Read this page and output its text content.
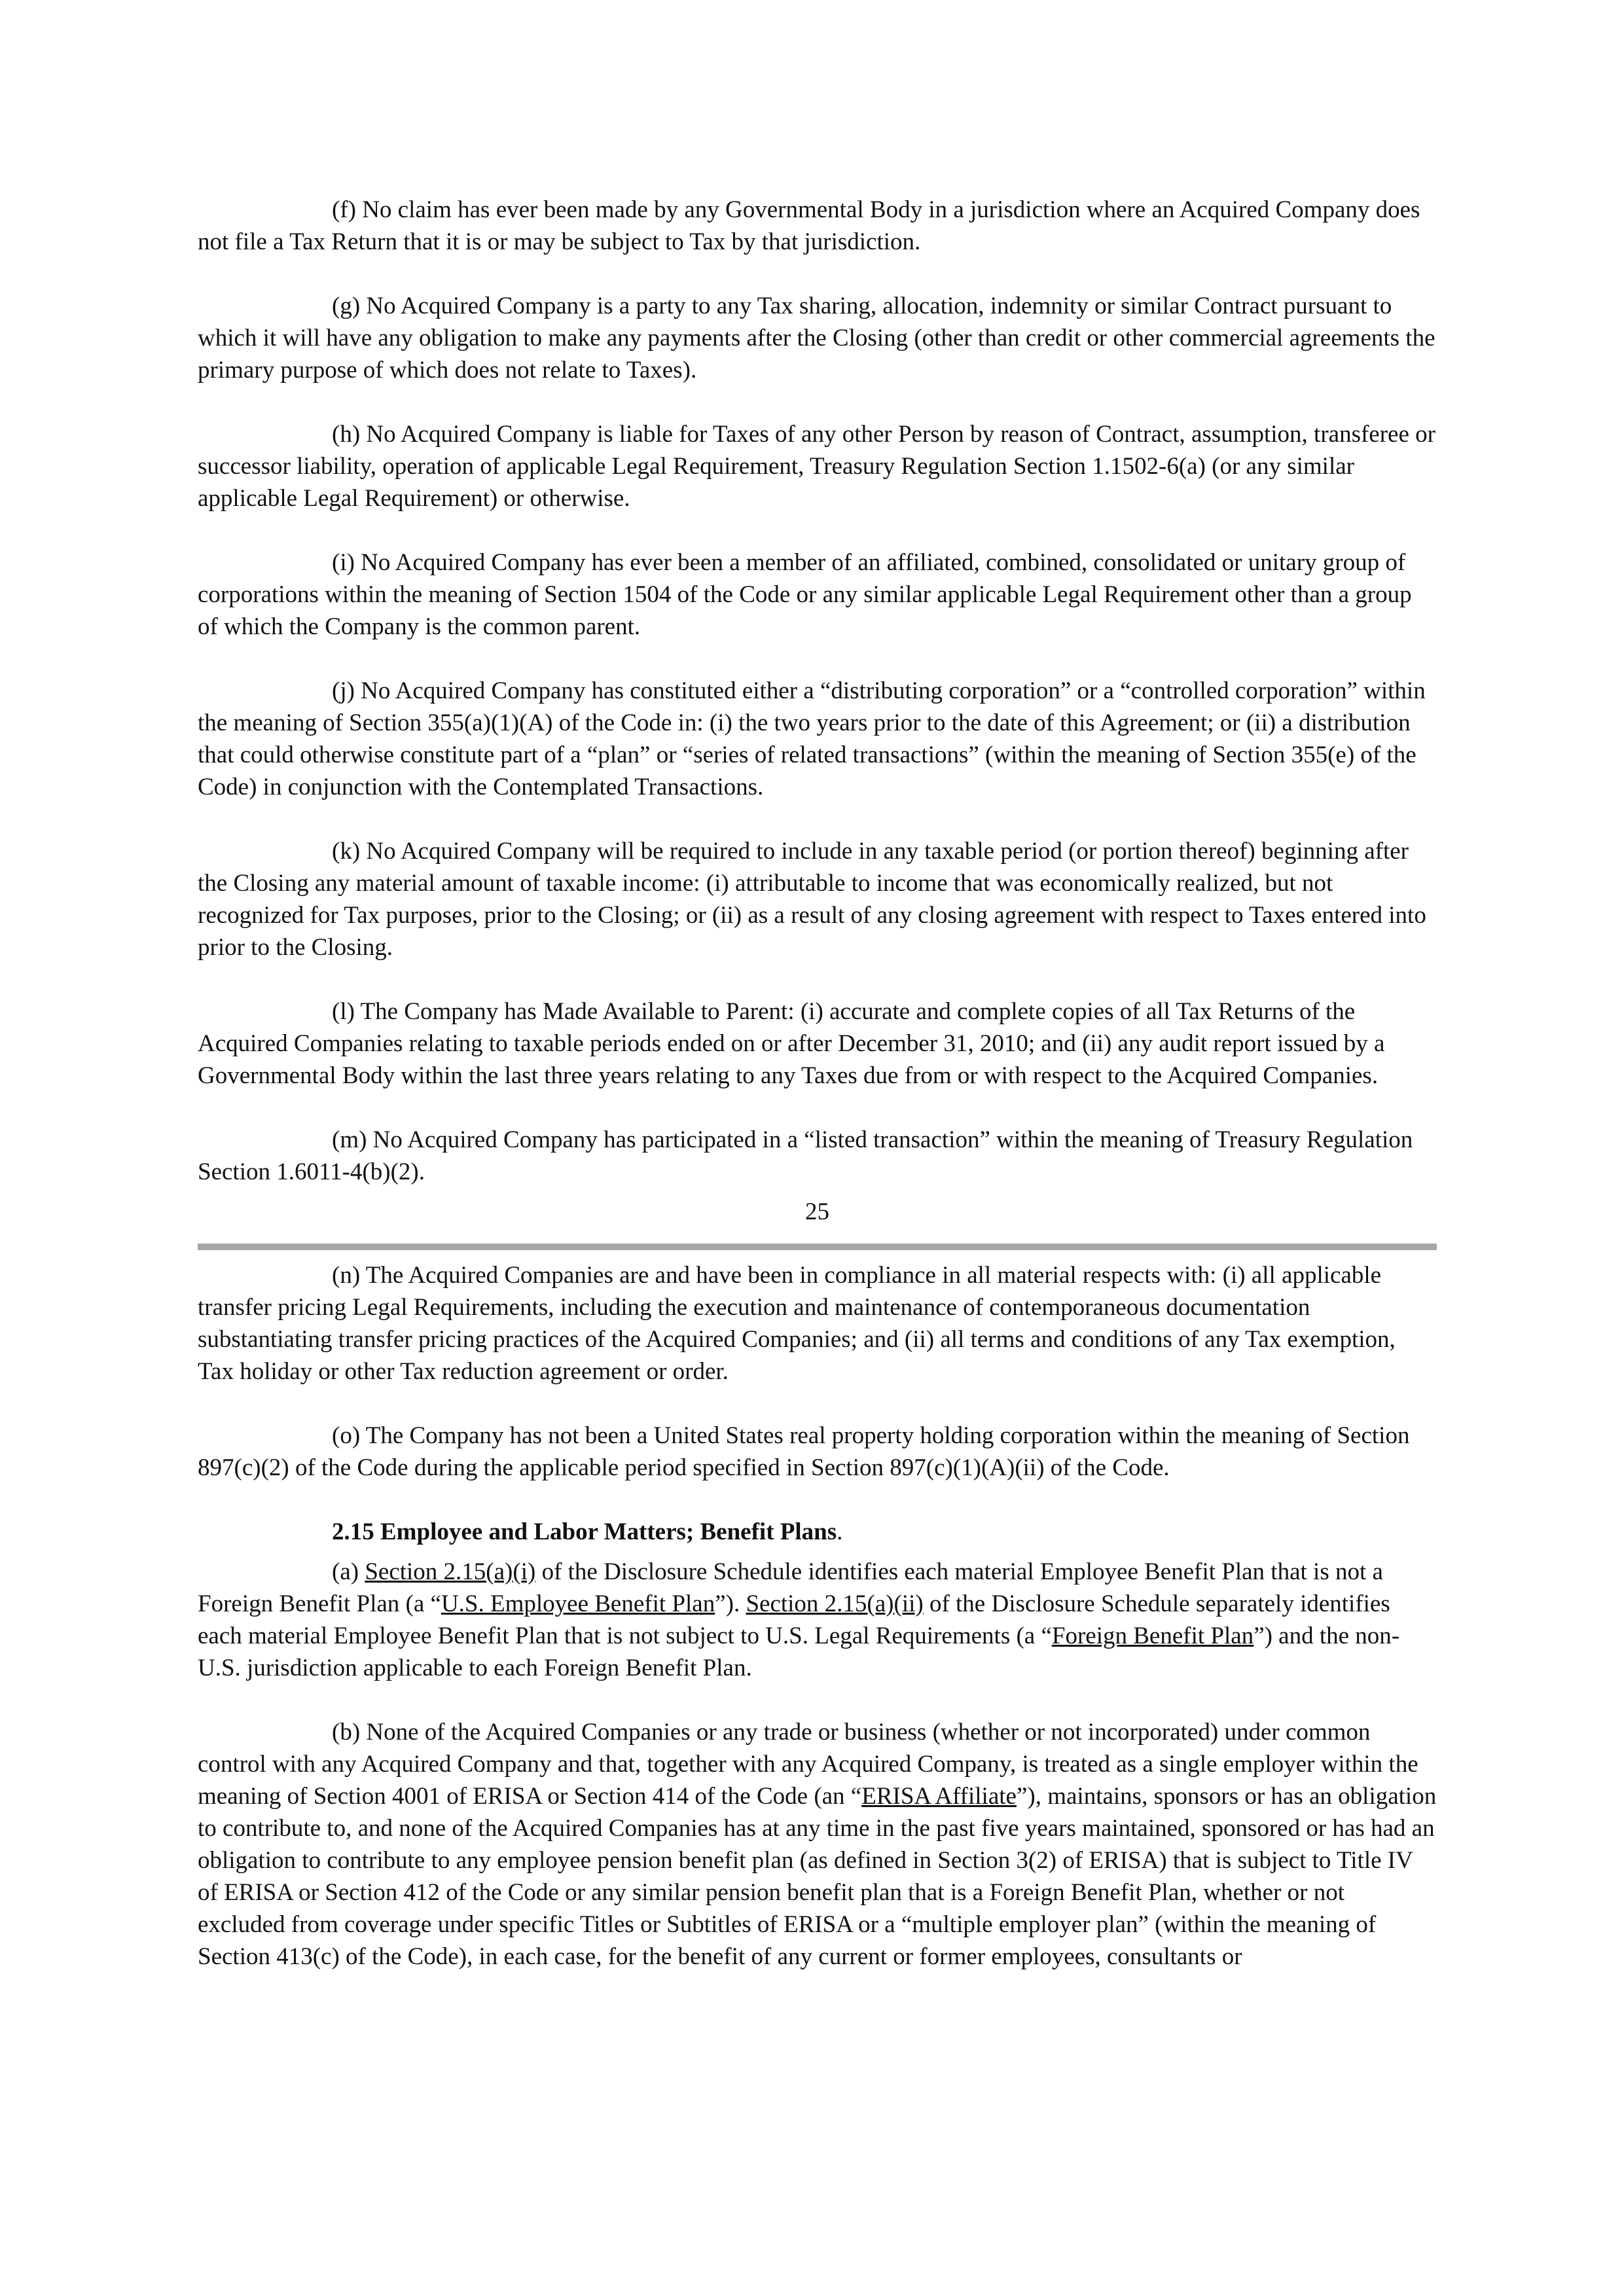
(f) No claim has ever been made by any Governmental Body in a jurisdiction where an Acquired Company does not file a Tax Return that it is or may be subject to Tax by that jurisdiction.

(g) No Acquired Company is a party to any Tax sharing, allocation, indemnity or similar Contract pursuant to which it will have any obligation to make any payments after the Closing (other than credit or other commercial agreements the primary purpose of which does not relate to Taxes).

(h) No Acquired Company is liable for Taxes of any other Person by reason of Contract, assumption, transferee or successor liability, operation of applicable Legal Requirement, Treasury Regulation Section 1.1502-6(a) (or any similar applicable Legal Requirement) or otherwise.

(i) No Acquired Company has ever been a member of an affiliated, combined, consolidated or unitary group of corporations within the meaning of Section 1504 of the Code or any similar applicable Legal Requirement other than a group of which the Company is the common parent.

(j) No Acquired Company has constituted either a “distributing corporation” or a “controlled corporation” within the meaning of Section 355(a)(1)(A) of the Code in: (i) the two years prior to the date of this Agreement; or (ii) a distribution that could otherwise constitute part of a “plan” or “series of related transactions” (within the meaning of Section 355(e) of the Code) in conjunction with the Contemplated Transactions.

(k) No Acquired Company will be required to include in any taxable period (or portion thereof) beginning after the Closing any material amount of taxable income: (i) attributable to income that was economically realized, but not recognized for Tax purposes, prior to the Closing; or (ii) as a result of any closing agreement with respect to Taxes entered into prior to the Closing.

(l) The Company has Made Available to Parent: (i) accurate and complete copies of all Tax Returns of the Acquired Companies relating to taxable periods ended on or after December 31, 2010; and (ii) any audit report issued by a Governmental Body within the last three years relating to any Taxes due from or with respect to the Acquired Companies.

(m) No Acquired Company has participated in a “listed transaction” within the meaning of Treasury Regulation Section 1.6011-4(b)(2).

25

(n) The Acquired Companies are and have been in compliance in all material respects with: (i) all applicable transfer pricing Legal Requirements, including the execution and maintenance of contemporaneous documentation substantiating transfer pricing practices of the Acquired Companies; and (ii) all terms and conditions of any Tax exemption, Tax holiday or other Tax reduction agreement or order.

(o) The Company has not been a United States real property holding corporation within the meaning of Section 897(c)(2) of the Code during the applicable period specified in Section 897(c)(1)(A)(ii) of the Code.

2.15 Employee and Labor Matters; Benefit Plans.

(a) Section 2.15(a)(i) of the Disclosure Schedule identifies each material Employee Benefit Plan that is not a Foreign Benefit Plan (a “U.S. Employee Benefit Plan”). Section 2.15(a)(ii) of the Disclosure Schedule separately identifies each material Employee Benefit Plan that is not subject to U.S. Legal Requirements (a “Foreign Benefit Plan”) and the non-U.S. jurisdiction applicable to each Foreign Benefit Plan.

(b) None of the Acquired Companies or any trade or business (whether or not incorporated) under common control with any Acquired Company and that, together with any Acquired Company, is treated as a single employer within the meaning of Section 4001 of ERISA or Section 414 of the Code (an “ERISA Affiliate”), maintains, sponsors or has an obligation to contribute to, and none of the Acquired Companies has at any time in the past five years maintained, sponsored or has had an obligation to contribute to any employee pension benefit plan (as defined in Section 3(2) of ERISA) that is subject to Title IV of ERISA or Section 412 of the Code or any similar pension benefit plan that is a Foreign Benefit Plan, whether or not excluded from coverage under specific Titles or Subtitles of ERISA or a “multiple employer plan” (within the meaning of Section 413(c) of the Code), in each case, for the benefit of any current or former employees, consultants or
